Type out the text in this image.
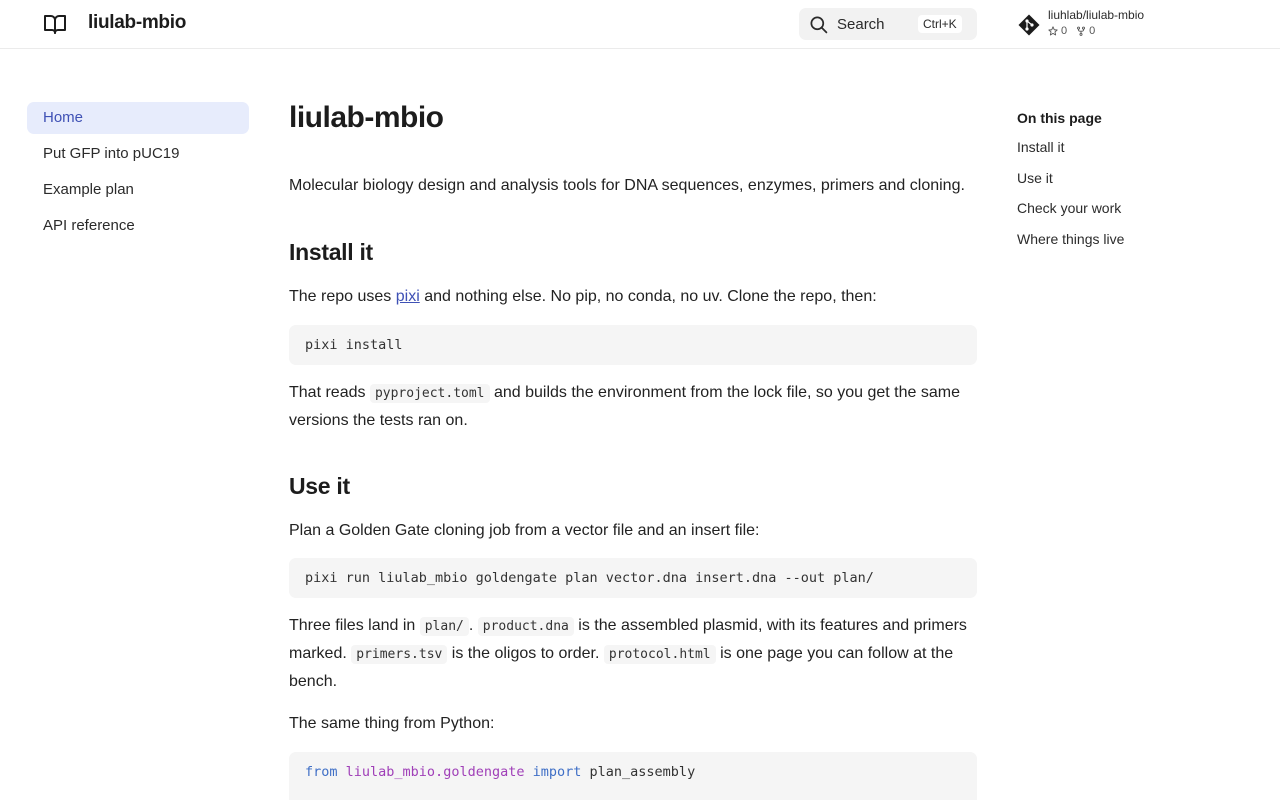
liulab-mbio	Search	Ctrl+K
liuhlab/liulab-mbio
0 0
Home
Put GFP into pUC19
Example plan
API reference
liulab-mbio

Molecular biology design and analysis tools for DNA sequences, enzymes, primers and cloning.

Install it

The repo uses pixi and nothing else. No pip, no conda, no uv. Clone the repo, then:

pixi install

That reads pyproject.toml and builds the environment from the lock file, so you get the same versions the tests ran on.

Use it

Plan a Golden Gate cloning job from a vector file and an insert file:

pixi run liulab_mbio goldengate plan vector.dna insert.dna --out plan/

Three files land in plan/ . product.dna is the assembled plasmid, with its features and primers marked. primers.tsv is the oligos to order. protocol.html is one page you can follow at the bench.

The same thing from Python:

from liulab_mbio.goldengate import plan_assembly
On this page
Install it
Use it
Check your work
Where things live
